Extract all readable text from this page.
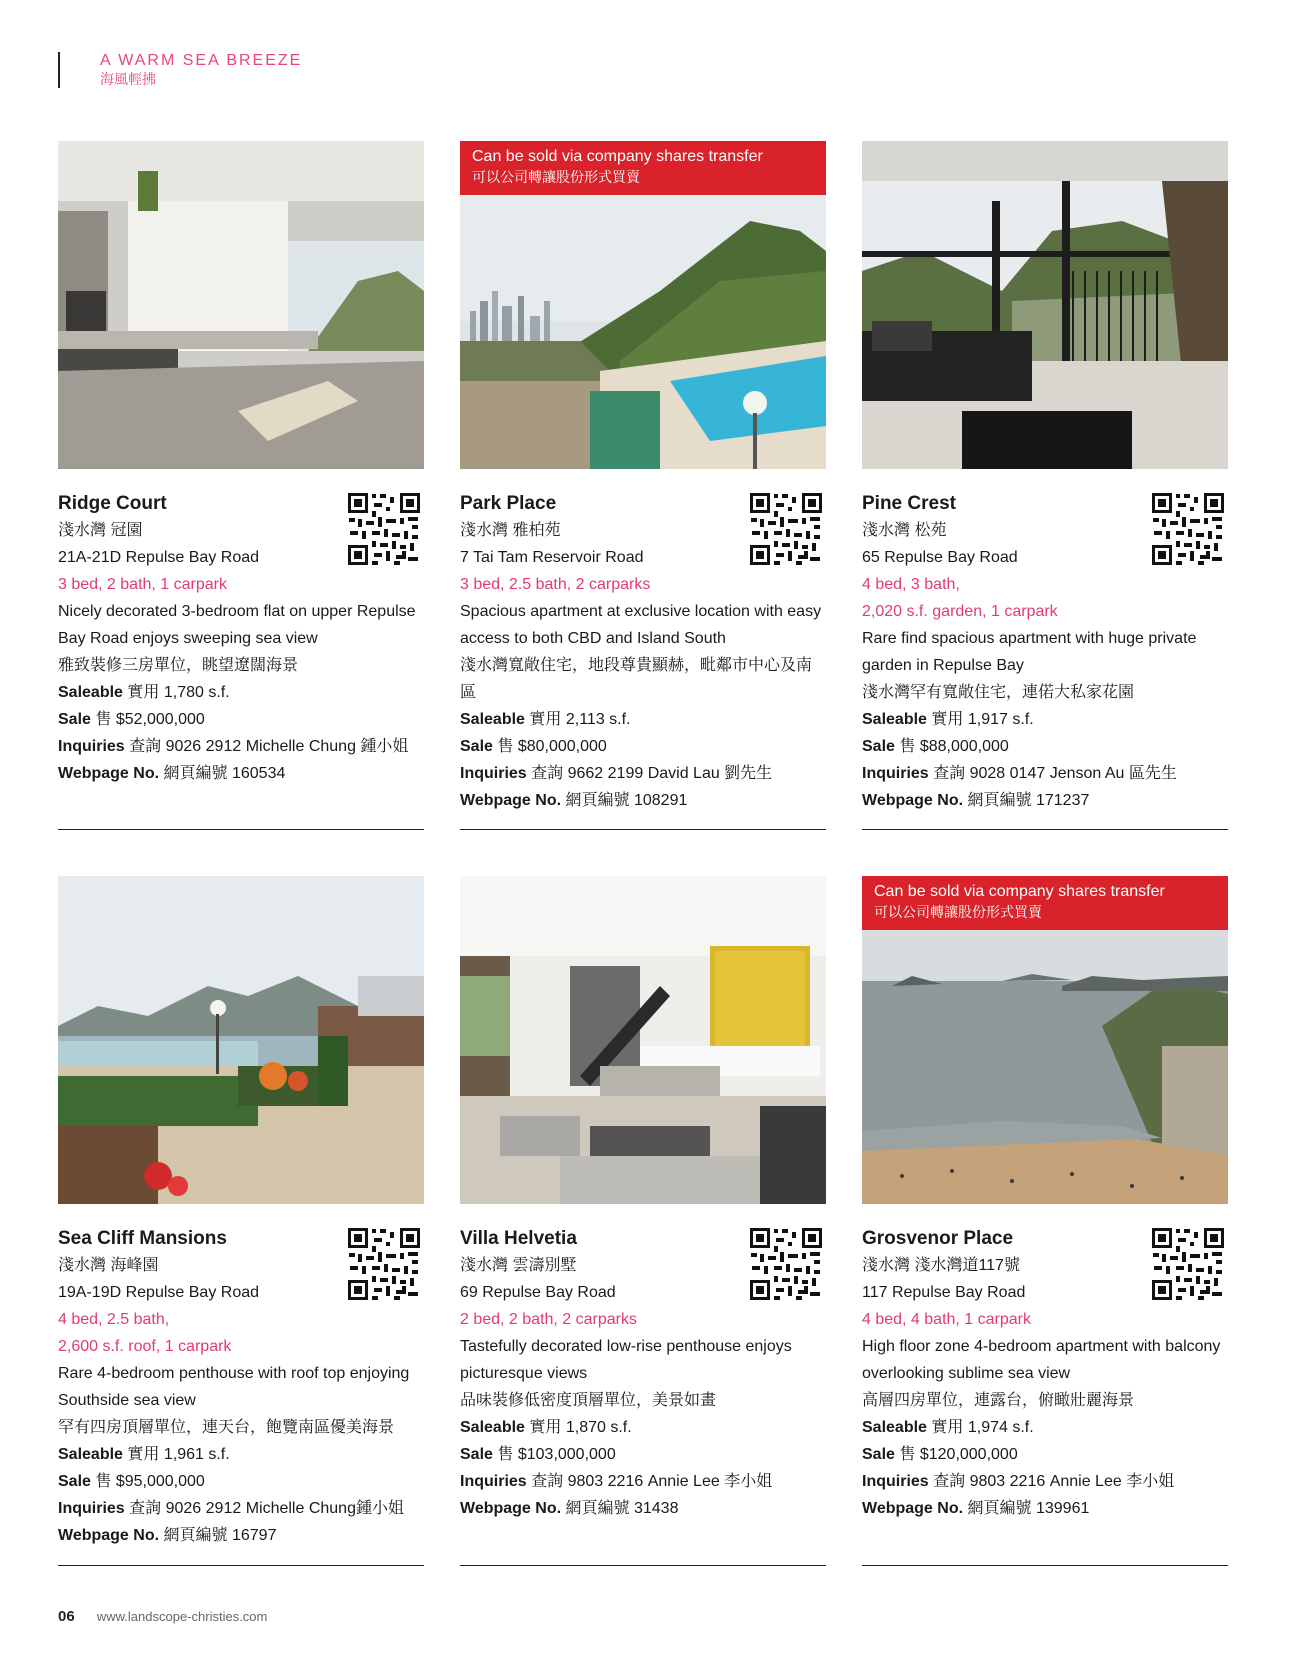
A WARM SEA BREEZE
海風輕拂
Ridge Court
淺水灣 冠園
21A-21D Repulse Bay Road
3 bed, 2 bath, 1 carpark
Nicely decorated 3-bedroom flat on upper Repulse Bay Road enjoys sweeping sea view
雅致裝修三房單位，眺望遼闊海景
Saleable 實用 1,780 s.f.
Sale 售 $52,000,000
Inquiries 查詢 9026 2912 Michelle Chung 鍾小姐
Webpage No. 網頁編號 160534
Can be sold via company shares transfer
可以公司轉讓股份形式買賣
Park Place
淺水灣 雅柏苑
7 Tai Tam Reservoir Road
3 bed, 2.5 bath, 2 carparks
Spacious apartment at exclusive location with easy access to both CBD and Island South
淺水灣寬敞住宅，地段尊貴顯赫，毗鄰市中心及南區
Saleable 實用 2,113 s.f.
Sale 售 $80,000,000
Inquiries 查詢 9662 2199 David Lau 劉先生
Webpage No. 網頁編號 108291
Pine Crest
淺水灣 松苑
65 Repulse Bay Road
4 bed, 3 bath,
2,020 s.f. garden, 1 carpark
Rare find spacious apartment with huge private garden in Repulse Bay
淺水灣罕有寬敞住宅，連偌大私家花園
Saleable 實用 1,917 s.f.
Sale 售 $88,000,000
Inquiries 查詢 9028 0147 Jenson Au 區先生
Webpage No. 網頁編號 171237
Sea Cliff Mansions
淺水灣 海峰園
19A-19D Repulse Bay Road
4 bed, 2.5 bath,
2,600 s.f. roof, 1 carpark
Rare 4-bedroom penthouse with roof top enjoying Southside sea view
罕有四房頂層單位，連天台，飽覽南區優美海景
Saleable 實用 1,961 s.f.
Sale 售 $95,000,000
Inquiries 查詢 9026 2912 Michelle Chung鍾小姐
Webpage No. 網頁編號 16797
Villa Helvetia
淺水灣 雲濤別墅
69 Repulse Bay Road
2 bed, 2 bath, 2 carparks
Tastefully decorated low-rise penthouse enjoys picturesque views
品味裝修低密度頂層單位，美景如畫
Saleable 實用 1,870 s.f.
Sale 售 $103,000,000
Inquiries 查詢 9803 2216 Annie Lee 李小姐
Webpage No. 網頁編號 31438
Can be sold via company shares transfer
可以公司轉讓股份形式買賣
Grosvenor Place
淺水灣 淺水灣道117號
117 Repulse Bay Road
4 bed, 4 bath, 1 carpark
High floor zone 4-bedroom apartment with balcony overlooking sublime sea view
高層四房單位，連露台，俯瞰壯麗海景
Saleable 實用 1,974 s.f.
Sale 售 $120,000,000
Inquiries 查詢 9803 2216 Annie Lee 李小姐
Webpage No. 網頁編號 139961
06 www.landscope-christies.com
